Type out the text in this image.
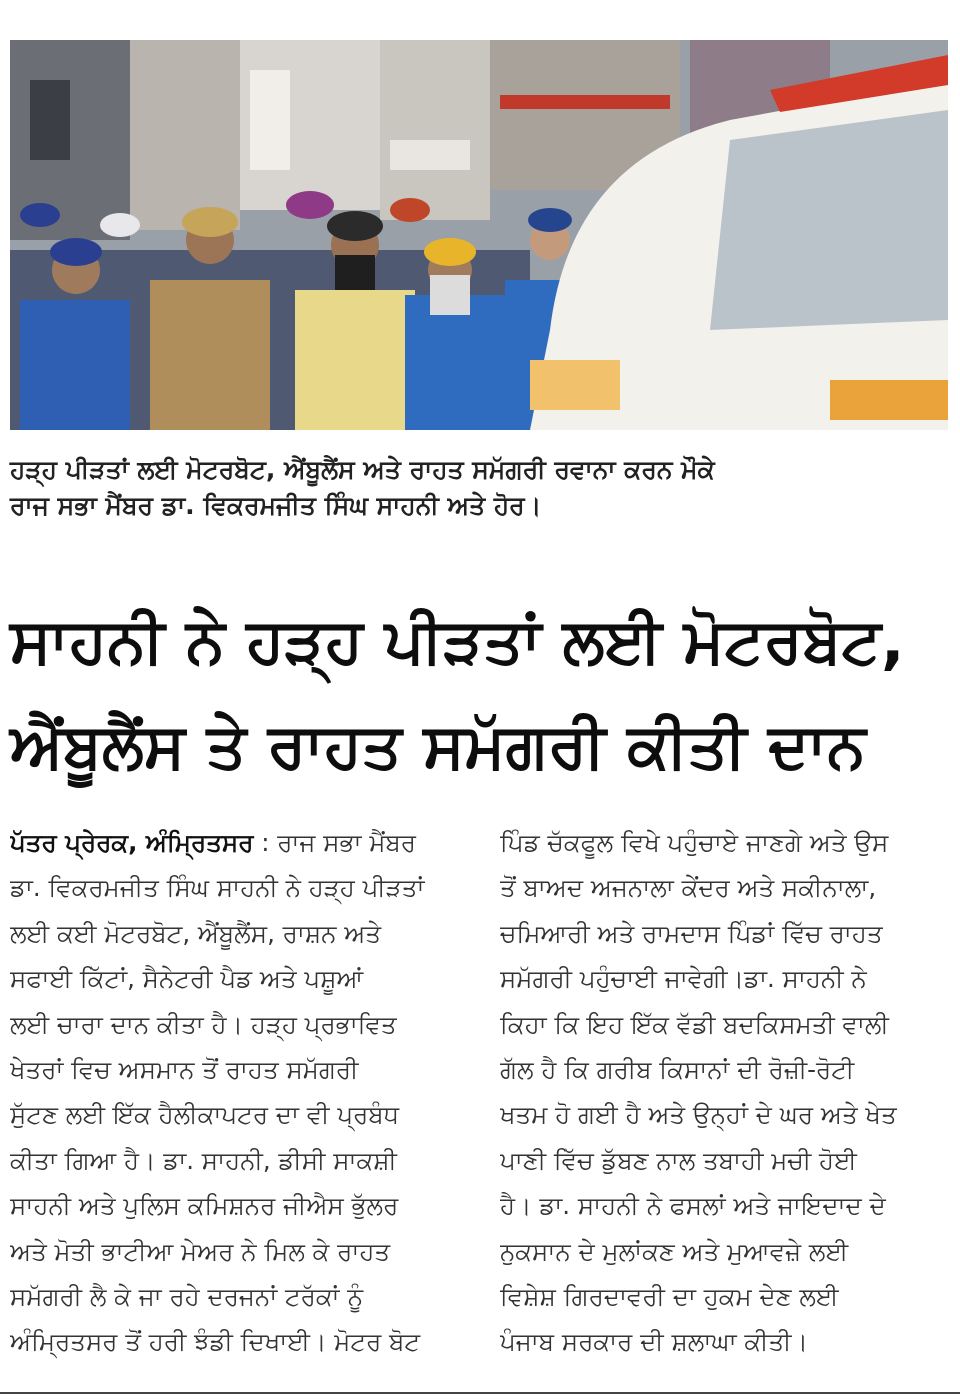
ਹੜ੍ਹ ਪੀੜਤਾਂ ਲਈ ਮੋਟਰਬੋਟ, ਐਂਬੂਲੈਂਸ ਅਤੇ ਰਾਹਤ ਸਮੱਗਰੀ ਰਵਾਨਾ ਕਰਨ ਮੌਕੇ
ਰਾਜ ਸਭਾ ਮੈਂਬਰ ਡਾ. ਵਿਕਰਮਜੀਤ ਸਿੰਘ ਸਾਹਨੀ ਅਤੇ ਹੋਰ।
ਸਾਹਨੀ ਨੇ ਹੜ੍ਹ ਪੀੜਤਾਂ ਲਈ ਮੋਟਰਬੋਟ,
ਐਂਬੂਲੈਂਸ ਤੇ ਰਾਹਤ ਸਮੱਗਰੀ ਕੀਤੀ ਦਾਨ
ਪੱਤਰ ਪ੍ਰੇਰਕ, ਅੰਮ੍ਰਿਤਸਰ : ਰਾਜ ਸਭਾ ਮੈਂਬਰ
ਡਾ. ਵਿਕਰਮਜੀਤ ਸਿੰਘ ਸਾਹਨੀ ਨੇ ਹੜ੍ਹ ਪੀੜਤਾਂ
ਲਈ ਕਈ ਮੋਟਰਬੋਟ, ਐਂਬੂਲੈਂਸ, ਰਾਸ਼ਨ ਅਤੇ
ਸਫਾਈ ਕਿੱਟਾਂ, ਸੈਨੇਟਰੀ ਪੈਡ ਅਤੇ ਪਸ਼ੂਆਂ
ਲਈ ਚਾਰਾ ਦਾਨ ਕੀਤਾ ਹੈ। ਹੜ੍ਹ ਪ੍ਰਭਾਵਿਤ
ਖੇਤਰਾਂ ਵਿਚ ਅਸਮਾਨ ਤੋਂ ਰਾਹਤ ਸਮੱਗਰੀ
ਸੁੱਟਣ ਲਈ ਇੱਕ ਹੈਲੀਕਾਪਟਰ ਦਾ ਵੀ ਪ੍ਰਬੰਧ
ਕੀਤਾ ਗਿਆ ਹੈ। ਡਾ. ਸਾਹਨੀ, ਡੀਸੀ ਸਾਕਸ਼ੀ
ਸਾਹਨੀ ਅਤੇ ਪੁਲਿਸ ਕਮਿਸ਼ਨਰ ਜੀਐਸ ਭੁੱਲਰ
ਅਤੇ ਮੋਤੀ ਭਾਟੀਆ ਮੇਅਰ ਨੇ ਮਿਲ ਕੇ ਰਾਹਤ
ਸਮੱਗਰੀ ਲੈ ਕੇ ਜਾ ਰਹੇ ਦਰਜਨਾਂ ਟਰੱਕਾਂ ਨੂੰ
ਅੰਮ੍ਰਿਤਸਰ ਤੋਂ ਹਰੀ ਝੰਡੀ ਦਿਖਾਈ। ਮੋਟਰ ਬੋਟ
ਪਿੰਡ ਚੱਕਫੂਲ ਵਿਖੇ ਪਹੁੰਚਾਏ ਜਾਣਗੇ ਅਤੇ ਉਸ
ਤੋਂ ਬਾਅਦ ਅਜਨਾਲਾ ਕੇਂਦਰ ਅਤੇ ਸਕੀਨਾਲਾ,
ਚਮਿਆਰੀ ਅਤੇ ਰਾਮਦਾਸ ਪਿੰਡਾਂ ਵਿੱਚ ਰਾਹਤ
ਸਮੱਗਰੀ ਪਹੁੰਚਾਈ ਜਾਵੇਗੀ।ਡਾ. ਸਾਹਨੀ ਨੇ
ਕਿਹਾ ਕਿ ਇਹ ਇੱਕ ਵੱਡੀ ਬਦਕਿਸਮਤੀ ਵਾਲੀ
ਗੱਲ ਹੈ ਕਿ ਗਰੀਬ ਕਿਸਾਨਾਂ ਦੀ ਰੋਜ਼ੀ-ਰੋਟੀ
ਖਤਮ ਹੋ ਗਈ ਹੈ ਅਤੇ ਉਨ੍ਹਾਂ ਦੇ ਘਰ ਅਤੇ ਖੇਤ
ਪਾਣੀ ਵਿੱਚ ਡੁੱਬਣ ਨਾਲ ਤਬਾਹੀ ਮਚੀ ਹੋਈ
ਹੈ। ਡਾ. ਸਾਹਨੀ ਨੇ ਫਸਲਾਂ ਅਤੇ ਜਾਇਦਾਦ ਦੇ
ਨੁਕਸਾਨ ਦੇ ਮੁਲਾਂਕਣ ਅਤੇ ਮੁਆਵਜ਼ੇ ਲਈ
ਵਿਸ਼ੇਸ਼ ਗਿਰਦਾਵਰੀ ਦਾ ਹੁਕਮ ਦੇਣ ਲਈ
ਪੰਜਾਬ ਸਰਕਾਰ ਦੀ ਸ਼ਲਾਘਾ ਕੀਤੀ।
